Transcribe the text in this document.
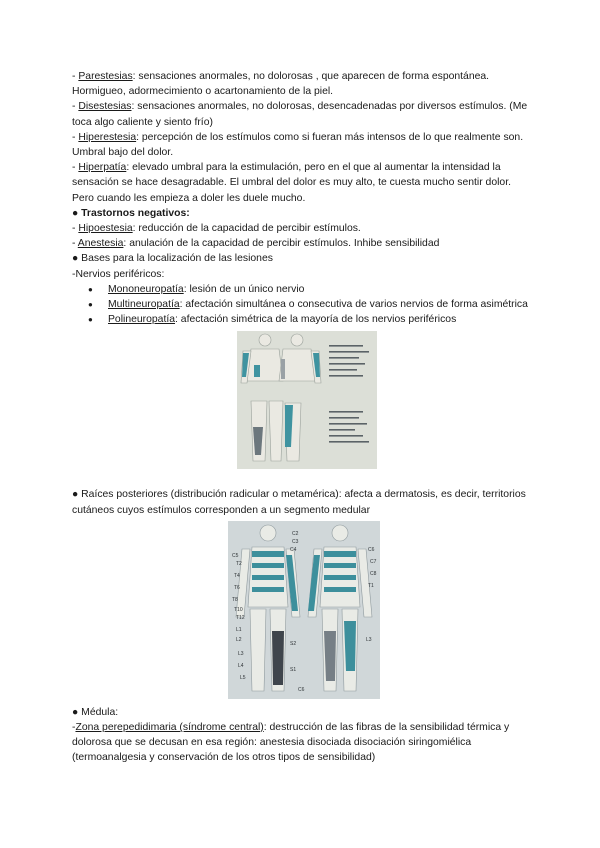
- Parestesias: sensaciones anormales, no dolorosas , que aparecen de forma espontánea. Hormigueo, adormecimiento o acartonamiento de la piel.

- Disestesias: sensaciones anormales, no dolorosas, desencadenadas por diversos estímulos. (Me toca algo caliente y siento frío)

- Hiperestesia: percepción de los estímulos como si fueran más intensos de lo que realmente son. Umbral bajo del dolor.

- Hiperpatía: elevado umbral para la estimulación, pero en el que al aumentar la intensidad la sensación se hace desagradable. El umbral del dolor es muy alto, te cuesta mucho sentir dolor. Pero cuando les empieza a doler les duele mucho.

● Trastornos negativos:

- Hipoestesia: reducción de la capacidad de percibir estímulos.

- Anestesia: anulación de la capacidad de percibir estímulos. Inhibe sensibilidad

● Bases para la localización de las lesiones

-Nervios periféricos:

● Mononeuropatía: lesión de un único nervio
● Multineuropatía: afectación simultánea o consecutiva de varios nervios de forma asimétrica
● Polineuropatía: afectación simétrica de la mayoría de los nervios periféricos

● Raíces posteriores (distribución radicular o metamérica): afecta a dermatosis, es decir, territorios cutáneos cuyos estímulos corresponden a un segmento medular

C2
C3
C4
C5
T2
T4
T6
T8
T10
T12
L1
L2
L3
L4
L5
S1
S2
C6
C7
C8
T1
L3
C6

● Médula:

-Zona perepedidimaria (síndrome central): destrucción de las fibras de la sensibilidad térmica y dolorosa que se decusan en esa región: anestesia disociada disociación siringomiélica (termoanalgesia y conservación de los otros tipos de sensibilidad)
